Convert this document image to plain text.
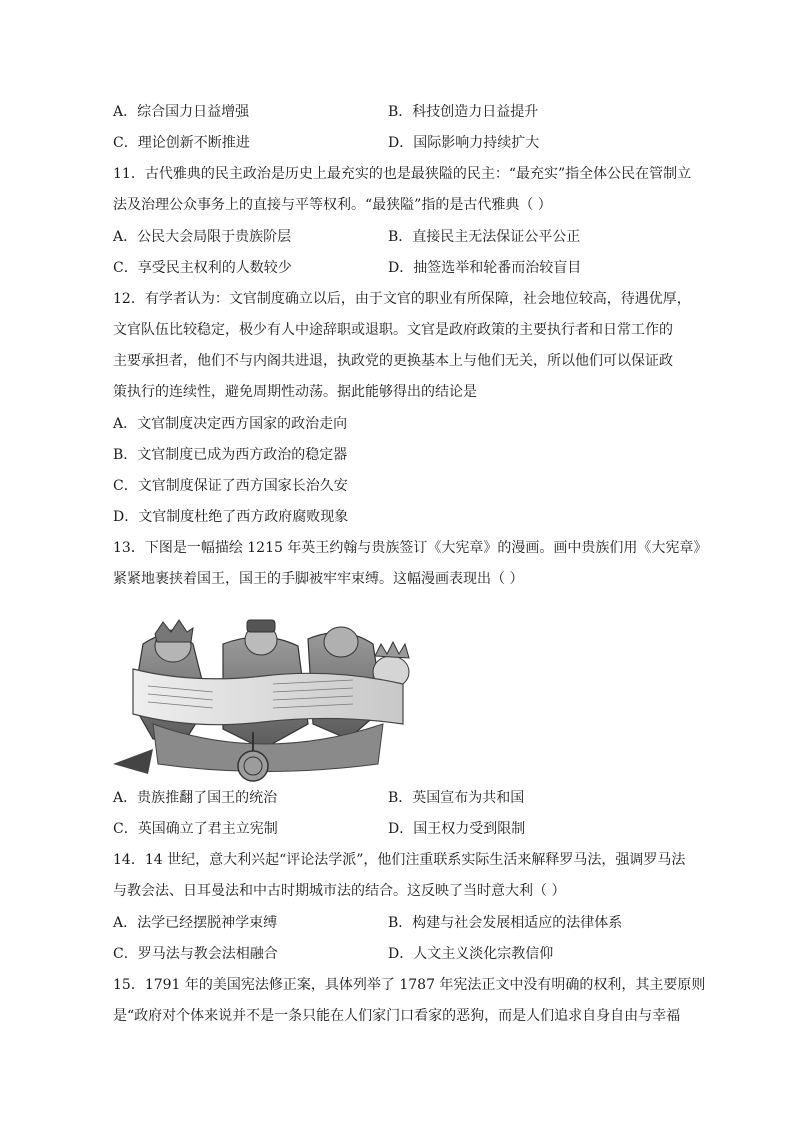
A．综合国力日益增强	B．科技创造力日益提升
C．理论创新不断推进	D．国际影响力持续扩大
11．古代雅典的民主政治是历史上最充实的也是最狭隘的民主：“最充实”指全体公民在管制立
法及治理公众事务上的直接与平等权利。“最狭隘”指的是古代雅典（ ）
A．公民大会局限于贵族阶层	B．直接民主无法保证公平公正
C．享受民主权利的人数较少	D．抽签选举和轮番而治较盲目
12．有学者认为：文官制度确立以后，由于文官的职业有所保障，社会地位较高，待遇优厚，
文官队伍比较稳定，极少有人中途辞职或退职。文官是政府政策的主要执行者和日常工作的
主要承担者，他们不与内阁共进退，执政党的更换基本上与他们无关，所以他们可以保证政
策执行的连续性，避免周期性动荡。据此能够得出的结论是
A．文官制度决定西方国家的政治走向
B．文官制度已成为西方政治的稳定器
C．文官制度保证了西方国家长治久安
D．文官制度杜绝了西方政府腐败现象
13．下图是一幅描绘 1215 年英王约翰与贵族签订《大宪章》的漫画。画中贵族们用《大宪章》
紧紧地裹挟着国王，国王的手脚被牢牢束缚。这幅漫画表现出（ ）
A．贵族推翻了国王的统治	B．英国宣布为共和国
C．英国确立了君主立宪制	D．国王权力受到限制
14．14 世纪，意大利兴起“评论法学派”，他们注重联系实际生活来解释罗马法，强调罗马法
与教会法、日耳曼法和中古时期城市法的结合。这反映了当时意大利（ ）
A．法学已经摆脱神学束缚	B．构建与社会发展相适应的法律体系
C．罗马法与教会法相融合	D．人文主义淡化宗教信仰
15．1791 年的美国宪法修正案，具体列举了 1787 年宪法正文中没有明确的权利，其主要原则
是“政府对个体来说并不是一条只能在人们家门口看家的恶狗，而是人们追求自身自由与幸福
